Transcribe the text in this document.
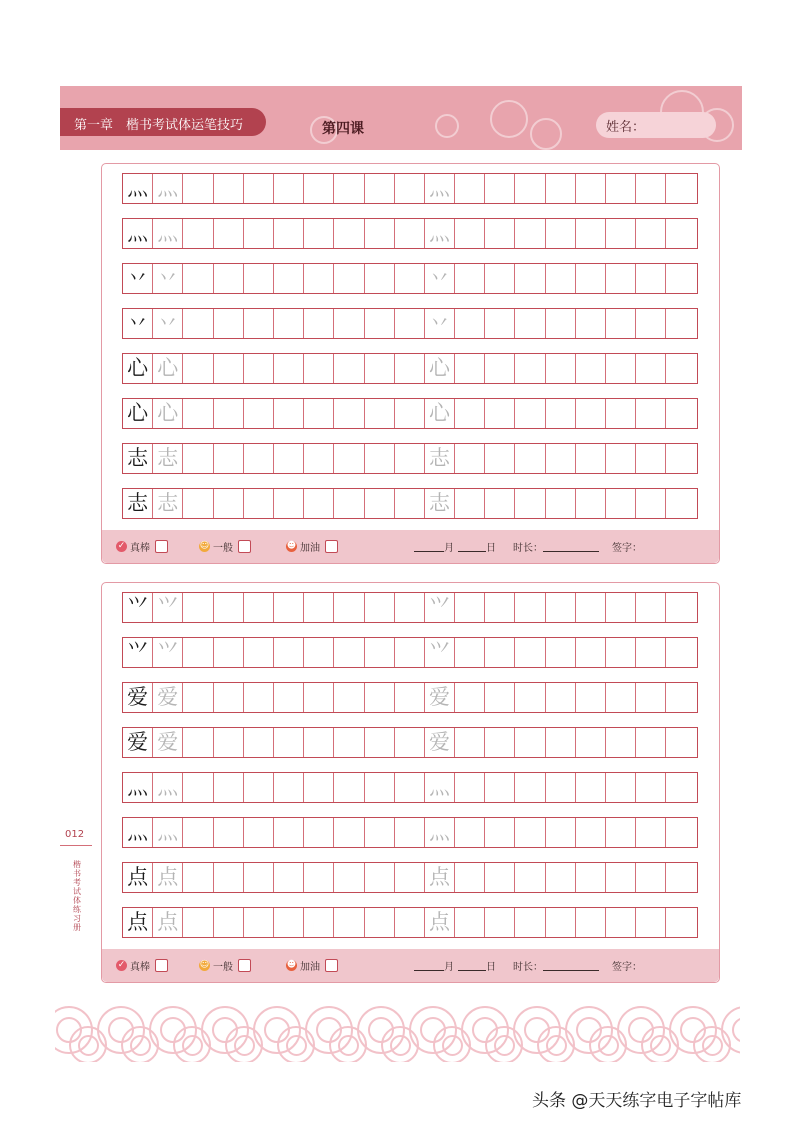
第一章　楷书考试体运笔技巧	第四课	姓名：
灬 灬	灬
灬 灬	灬
丷 丷	丷
丷 丷	丷
心 心	心
心 心	心
志 志	志
志 志	志
✓ 真棒	☺ 一般	☻ 加油	月	日 时长：	签字：
⺍ ⺍	⺍
⺍ ⺍	⺍
爱 爱	爱
爱 爱	爱
灬 灬	灬
灬 灬	灬
点 点	点
点 点	点
✓ 真棒	☺ 一般	☻ 加油	月	日 时长：	签字：
012
楷书考试体练习册
头条 @天天练字电子字帖库
